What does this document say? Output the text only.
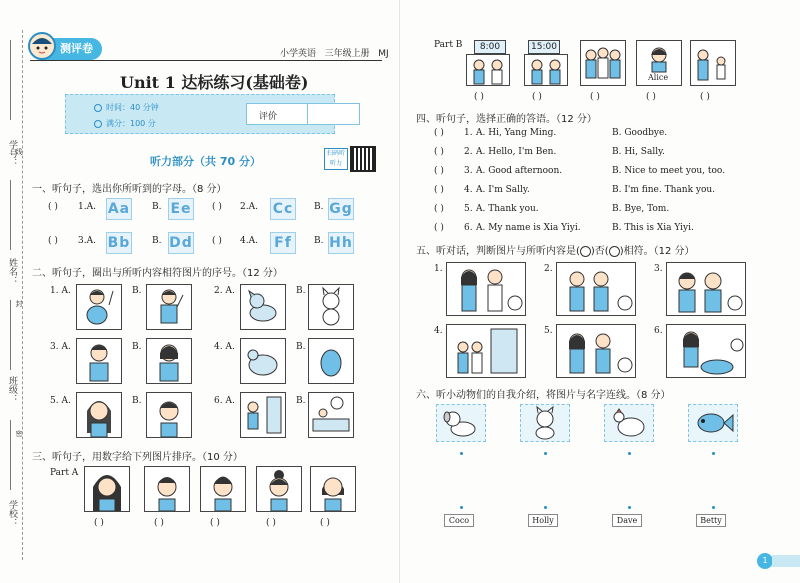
学号：
姓名：
班级：
学校：
线
封
密
测评卷	小学英语 三年级上册 MJ
Unit 1 达标练习(基础卷)
时间：40 分钟
满分：100 分
评价
听力部分（共 70 分）
扫码听听力
一、听句子，选出你所听到的字母。（8 分）
( ) 1.A. Aa B. Ee ( ) 2.A. Cc	B. Gg
( ) 3.A. Bb B. Dd ( ) 4.A. Ff	B. Hh
二、听句子，圈出与所听内容相符图片的序号。（12 分）
1. A.	B.	2. A.	B.
3. A.	B.	4. A.	B.
5. A.	B.	6. A.	B.
三、听句子，用数字给下列图片排序。（10 分）
Part A
( )	( )	( )	( )	( )
Part B	8:00	15:00
Alice
( )	( )	( )	( )	( )
四、听句子，选择正确的答语。（12 分）
( ) 1. A. Hi, Yang Ming.	B. Goodbye.
( ) 2. A. Hello, I'm Ben.	B. Hi, Sally.
( ) 3. A. Good afternoon.	B. Nice to meet you, too.
( ) 4. A. I'm Sally.	B. I'm fine. Thank you.
( ) 5. A. Thank you.	B. Bye, Tom.
( ) 6. A. My name is Xia Yiyi.	B. This is Xia Yiyi.
五、听对话，判断图片与所听内容是( )否( )相符。（12 分）
1.	2.	3.
4.	5.	6.
六、听小动物们的自我介绍，将图片与名字连线。（8 分）
Coco	Holly	Dave	Betty
1
